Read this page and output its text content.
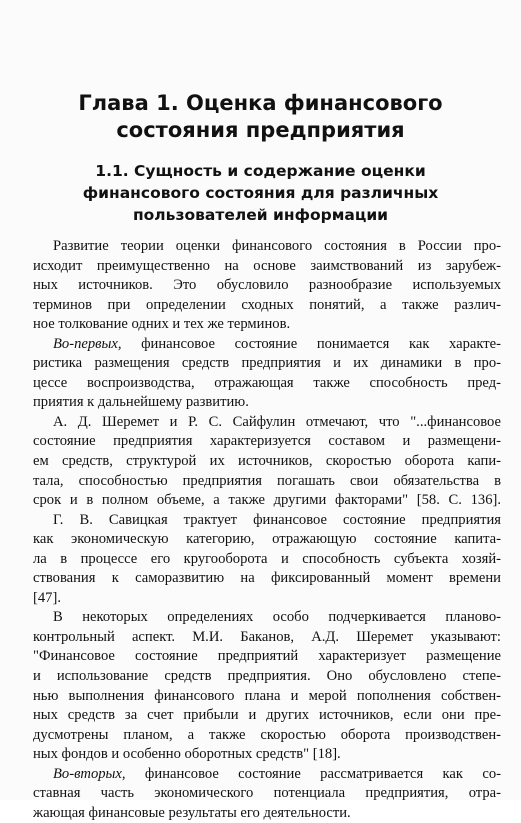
Глава 1. Оценка финансового
состояния предприятия
1.1. Сущность и содержание оценки
финансового состояния для различных
пользователей информации
Развитие теории оценки финансового состояния в России про-
исходит преимущественно на основе заимствований из зарубеж-
ных источников. Это обусловило разнообразие используемых
терминов при определении сходных понятий, а также различ-
ное толкование одних и тех же терминов.
Во-первых, финансовое состояние понимается как характе-
ристика размещения средств предприятия и их динамики в про-
цессе воспроизводства, отражающая также способность пред-
приятия к дальнейшему развитию.
А. Д. Шеремет и Р. С. Сайфулин отмечают, что "...финансовое
состояние предприятия характеризуется составом и размещени-
ем средств, структурой их источников, скоростью оборота капи-
тала, способностью предприятия погашать свои обязательства в
срок и в полном объеме, а также другими факторами" [58. С. 136].
Г. В. Савицкая трактует финансовое состояние предприятия
как экономическую категорию, отражающую состояние капита-
ла в процессе его кругооборота и способность субъекта хозяй-
ствования к саморазвитию на фиксированный момент времени
[47].
В некоторых определениях особо подчеркивается планово-
контрольный аспект. М.И. Баканов, А.Д. Шеремет указывают:
"Финансовое состояние предприятий характеризует размещение
и использование средств предприятия. Оно обусловлено степе-
нью выполнения финансового плана и мерой пополнения собствен-
ных средств за счет прибыли и других источников, если они пре-
дусмотрены планом, а также скоростью оборота производствен-
ных фондов и особенно оборотных средств" [18].
Во-вторых, финансовое состояние рассматривается как со-
ставная часть экономического потенциала предприятия, отра-
жающая финансовые результаты его деятельности.
